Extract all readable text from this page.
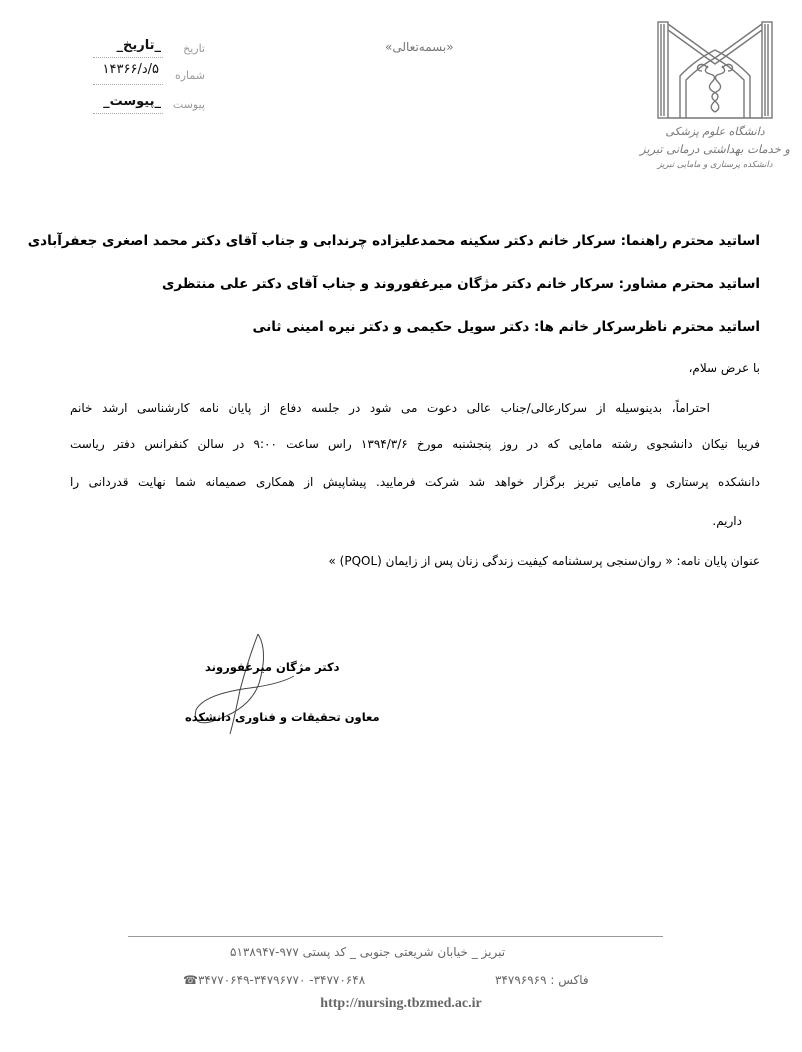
تاریخ
_تاریخ_
شماره
۵/د/۱۴۳۶۶
پیوست
_پیوست_
«بسمه‌تعالی»
دانشگاه علوم پزشکی
و خدمات بهداشتی درمانی تبریز
دانشکده پرستاری و مامایی تبریز
اساتید محترم راهنما: سرکار خانم دکتر سکینه محمدعلیزاده چرندابی و جناب آقای دکتر محمد اصغری جعفرآبادی
اساتید محترم مشاور: سرکار خانم دکتر مژگان میرغفوروند و جناب آقای دکتر علی منتظری
اساتید محترم ناظرسرکار خانم ها: دکتر سویل حکیمی و دکتر نیره امینی ثانی
با عرض سلام،
احتراماً، بدینوسیله از سرکارعالی/جناب عالی دعوت می شود در جلسه دفاع از پایان نامه کارشناسی ارشد خانم
فریبا نیکان دانشجوی رشته مامایی که در روز پنجشنبه مورخ ۱۳۹۴/۳/۶ راس ساعت ۹:۰۰ در سالن کنفرانس دفتر ریاست
دانشکده پرستاری و مامایی تبریز برگزار خواهد شد شرکت فرمایید. پیشاپیش از همکاری صمیمانه شما نهایت قدردانی را
داریم.
عنوان پایان نامه: « روان‌سنجی پرسشنامه کیفیت زندگی زنان پس از زایمان (PQOL) »
دکتر مژگان میرغفوروند
معاون تحقیقات و فناوری دانشکده
تبریز _ خیابان شریعتی جنوبی _ کد پستی ۹۷۷-۵۱۳۸۹۴۷
فاکس : ۳۴۷۹۶۹۶۹
☎۳۴۷۷۰۶۴۸- ۳۴۷۷۰۶۴۹-۳۴۷۹۶۷۷۰
http://nursing.tbzmed.ac.ir
